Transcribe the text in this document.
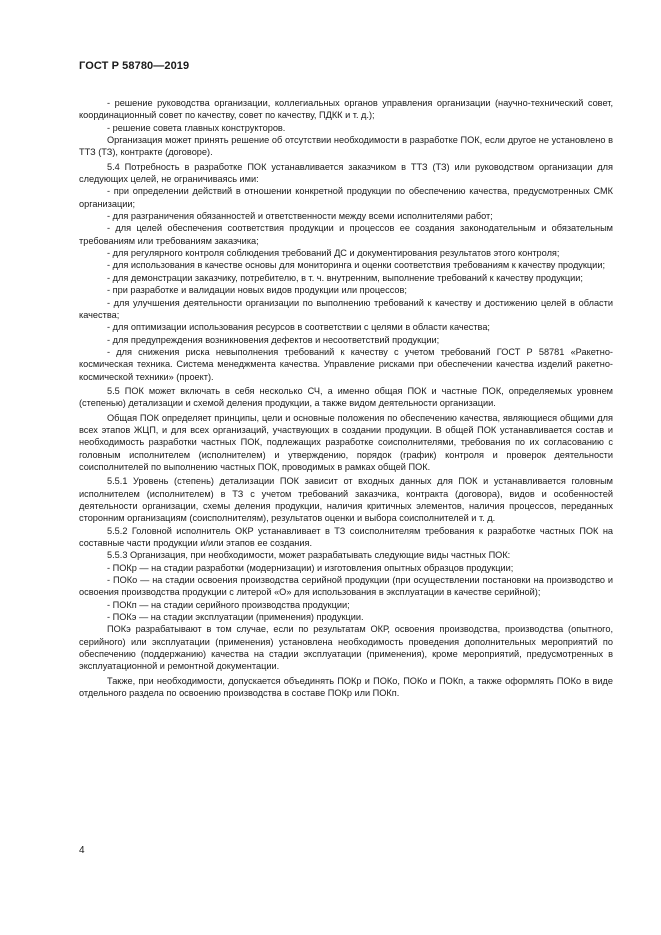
ГОСТ Р 58780—2019

- решение руководства организации, коллегиальных органов управления организации (научно-технический совет, координационный совет по качеству, совет по качеству, ПДКК и т. д.);

- решение совета главных конструкторов.

Организация может принять решение об отсутствии необходимости в разработке ПОК, если другое не установлено в ТТЗ (ТЗ), контракте (договоре).

5.4 Потребность в разработке ПОК устанавливается заказчиком в ТТЗ (ТЗ) или руководством организации для следующих целей, не ограничиваясь ими:

- при определении действий в отношении конкретной продукции по обеспечению качества, предусмотренных СМК организации;

- для разграничения обязанностей и ответственности между всеми исполнителями работ;

- для целей обеспечения соответствия продукции и процессов ее создания законодательным и обязательным требованиям или требованиям заказчика;

- для регулярного контроля соблюдения требований ДС и документирования результатов этого контроля;

- для использования в качестве основы для мониторинга и оценки соответствия требованиям к качеству продукции;

- для демонстрации заказчику, потребителю, в т. ч. внутренним, выполнение требований к качеству продукции;

- при разработке и валидации новых видов продукции или процессов;

- для улучшения деятельности организации по выполнению требований к качеству и достижению целей в области качества;

- для оптимизации использования ресурсов в соответствии с целями в области качества;

- для предупреждения возникновения дефектов и несоответствий продукции;

- для снижения риска невыполнения требований к качеству с учетом требований ГОСТ Р 58781 «Ракетно-космическая техника. Система менеджмента качества. Управление рисками при обеспечении качества изделий ракетно-космической техники» (проект).

5.5 ПОК может включать в себя несколько СЧ, а именно общая ПОК и частные ПОК, определяемых уровнем (степенью) детализации и схемой деления продукции, а также видом деятельности организации.

Общая ПОК определяет принципы, цели и основные положения по обеспечению качества, являющиеся общими для всех этапов ЖЦП, и для всех организаций, участвующих в создании продукции. В общей ПОК устанавливается состав и необходимость разработки частных ПОК, подлежащих разработке соисполнителями, требования по их согласованию с головным исполнителем (исполнителем) и утверждению, порядок (график) контроля и проверок деятельности соисполнителей по выполнению частных ПОК, проводимых в рамках общей ПОК.

5.5.1 Уровень (степень) детализации ПОК зависит от входных данных для ПОК и устанавливается головным исполнителем (исполнителем) в ТЗ с учетом требований заказчика, контракта (договора), видов и особенностей деятельности организации, схемы деления продукции, наличия критичных элементов, наличия процессов, переданных сторонним организациям (соисполнителям), результатов оценки и выбора соисполнителей и т. д.

5.5.2 Головной исполнитель ОКР устанавливает в ТЗ соисполнителям требования к разработке частных ПОК на составные части продукции и/или этапов ее создания.

5.5.3 Организация, при необходимости, может разрабатывать следующие виды частных ПОК:

- ПОКр — на стадии разработки (модернизации) и изготовления опытных образцов продукции;

- ПОКо — на стадии освоения производства серийной продукции (при осуществлении постановки на производство и освоения производства продукции с литерой «О» для использования в эксплуатации в качестве серийной);

- ПОКп — на стадии серийного производства продукции;

- ПОКэ — на стадии эксплуатации (применения) продукции.

ПОКэ разрабатывают в том случае, если по результатам ОКР, освоения производства, производства (опытного, серийного) или эксплуатации (применения) установлена необходимость проведения дополнительных мероприятий по обеспечению (поддержанию) качества на стадии эксплуатации (применения), кроме мероприятий, предусмотренных в эксплуатационной и ремонтной документации.

Также, при необходимости, допускается объединять ПОКр и ПОКо, ПОКо и ПОКп, а также оформлять ПОКо в виде отдельного раздела по освоению производства в составе ПОКр или ПОКп.

4
